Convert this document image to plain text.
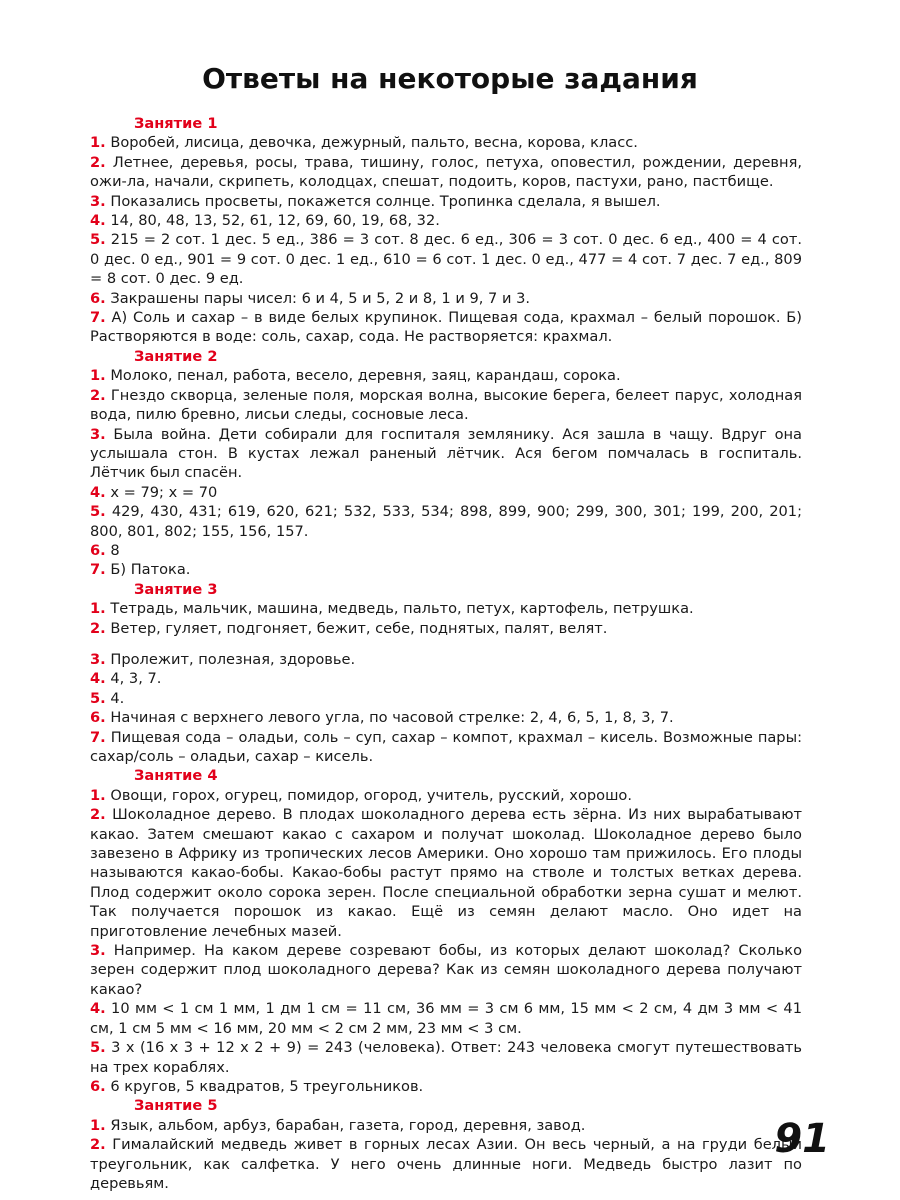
Ответы на некоторые задания

Занятие 1

1. Воробей, лисица, девочка, дежурный, пальто, весна, корова, класс.

2. Летнее, деревья, росы, трава, тишину, голос, петуха, оповестил, рождении, деревня, ожи-ла, начали, скрипеть, колодцах, спешат, подоить, коров, пастухи, рано, пастбище.

3. Показались просветы, покажется солнце. Тропинка сделала, я вышел.

4. 14, 80, 48, 13, 52, 61, 12, 69, 60, 19, 68, 32.

5. 215 = 2 сот. 1 дес. 5 ед., 386 = 3 сот. 8 дес. 6 ед., 306 = 3 сот. 0 дес. 6 ед., 400 = 4 сот. 0 дес. 0 ед., 901 = 9 сот. 0 дес. 1 ед., 610 = 6 сот. 1 дес. 0 ед., 477 = 4 сот. 7 дес. 7 ед., 809 = 8 сот. 0 дес. 9 ед.

6. Закрашены пары чисел: 6 и 4, 5 и 5, 2 и 8, 1 и 9, 7 и 3.

7. А) Соль и сахар – в виде белых крупинок. Пищевая сода, крахмал – белый порошок. Б) Растворяются в воде: соль, сахар, сода. Не растворяется: крахмал.

Занятие 2

1. Молоко, пенал, работа, весело, деревня, заяц, карандаш, сорока.

2. Гнездо скворца, зеленые поля, морская волна, высокие берега, белеет парус, холодная вода, пилю бревно, лисьи следы, сосновые леса.

3. Была война. Дети собирали для госпиталя землянику. Ася зашла в чащу. Вдруг она услышала стон. В кустах лежал раненый лётчик. Ася бегом помчалась в госпиталь. Лётчик был спасён.

4. x = 79; x = 70

5. 429, 430, 431; 619, 620, 621; 532, 533, 534; 898, 899, 900; 299, 300, 301; 199, 200, 201; 800, 801, 802; 155, 156, 157.

6. 8

7. Б) Патока.

Занятие 3

1. Тетрадь, мальчик, машина, медведь, пальто, петух, картофель, петрушка.

2. Ветер, гуляет, подгоняет, бежит, себе, поднятых, палят, велят.

3. Пролежит, полезная, здоровье.

4. 4, 3, 7.

5. 4.

6. Начиная с верхнего левого угла, по часовой стрелке: 2, 4, 6, 5, 1, 8, 3, 7.

7. Пищевая сода – оладьи, соль – суп, сахар – компот, крахмал – кисель. Возможные пары: сахар/соль – оладьи, сахар – кисель.

Занятие 4

1. Овощи, горох, огурец, помидор, огород, учитель, русский, хорошо.

2. Шоколадное дерево. В плодах шоколадного дерева есть зёрна. Из них вырабатывают какао. Затем смешают какао с сахаром и получат шоколад. Шоколадное дерево было завезено в Африку из тропических лесов Америки. Оно хорошо там прижилось. Его плоды называются какао-бобы. Какао-бобы растут прямо на стволе и толстых ветках дерева. Плод содержит около сорока зерен. После специальной обработки зерна сушат и мелют. Так получается порошок из какао. Ещё из семян делают масло. Оно идет на приготовление лечебных мазей.

3. Например. На каком дереве созревают бобы, из которых делают шоколад? Сколько зерен содержит плод шоколадного дерева? Как из семян шоколадного дерева получают какао?

4. 10 мм < 1 см 1 мм, 1 дм 1 см = 11 см, 36 мм = 3 см 6 мм, 15 мм < 2 см, 4 дм 3 мм < 41 см, 1 см 5 мм < 16 мм, 20 мм < 2 см 2 мм, 23 мм < 3 см.

5. 3 x (16 x 3 + 12 x 2 + 9) = 243 (человека). Ответ: 243 человека смогут путешествовать на трех кораблях.

6. 6 кругов, 5 квадратов, 5 треугольников.

Занятие 5

1. Язык, альбом, арбуз, барабан, газета, город, деревня, завод.

2. Гималайский медведь живет в горных лесах Азии. Он весь черный, а на груди белый треугольник, как салфетка. У него очень длинные ноги. Медведь быстро лазит по деревьям.

91
